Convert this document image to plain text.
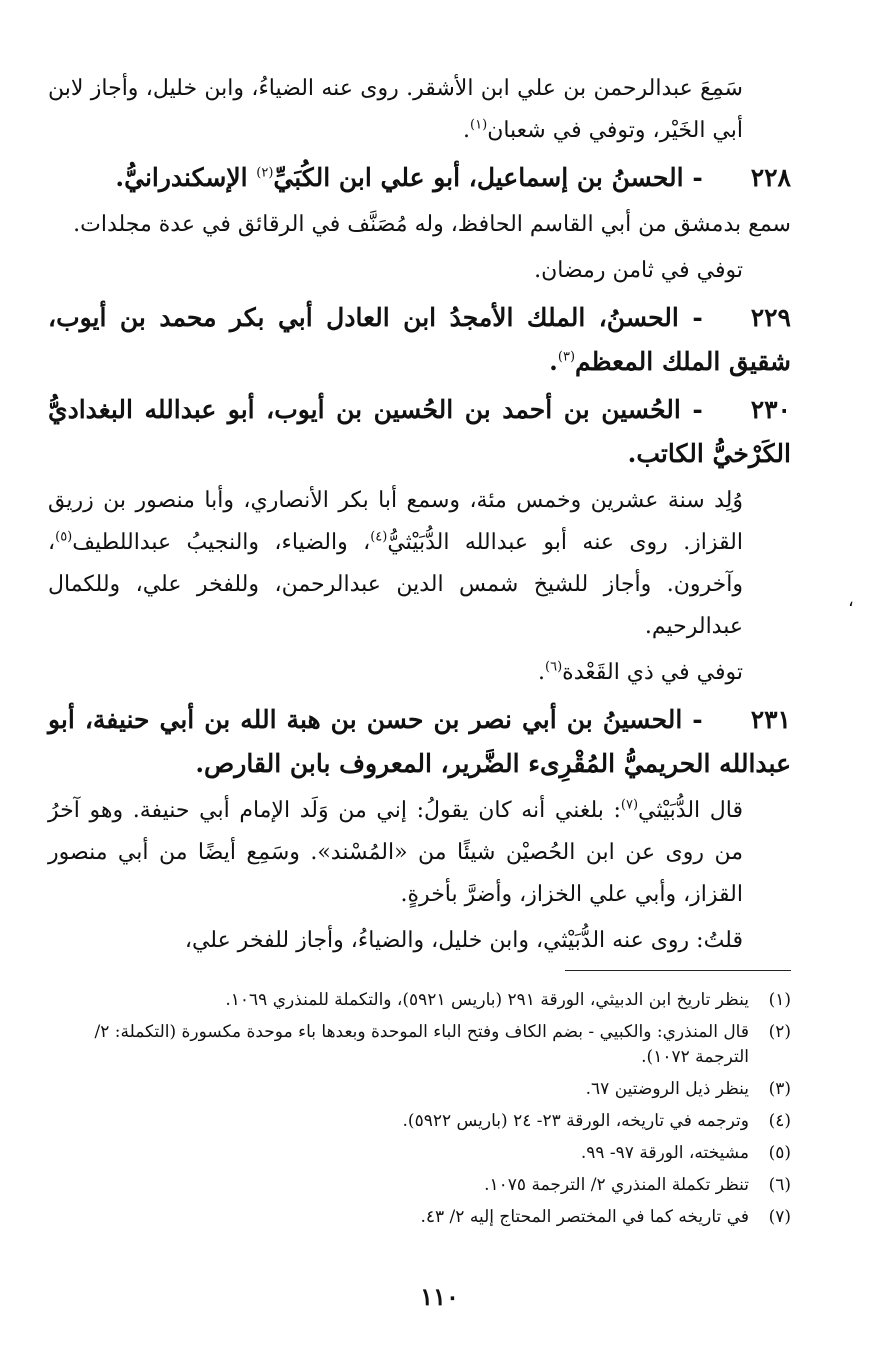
سَمِعَ عبدالرحمن بن علي ابن الأشقر. روى عنه الضياءُ، وابن خليل، وأجاز لابن أبي الخَيْر، وتوفي في شعبان$^{(١)}$.

٢٢٨- الحسنُ بن إسماعيل، أبو علي ابن الكُبَيِّ$^{(٢)}$ الإسكندرانيُّ.

سمع بدمشق من أبي القاسم الحافظ، وله مُصَنَّف في الرقائق في عدة مجلدات.

توفي في ثامن رمضان.

٢٢٩- الحسنُ، الملك الأمجدُ ابن العادل أبي بكر محمد بن أيوب، شقيق الملك المعظم$^{(٣)}$.
٢٣٠- الحُسين بن أحمد بن الحُسين بن أيوب، أبو عبدالله البغداديُّ الكَرْخيُّ الكاتب.

وُلِد سنة عشرين وخمس مئة، وسمع أبا بكر الأنصاري، وأبا منصور بن زريق القزاز. روى عنه أبو عبدالله الدُّبَيْثيُّ$^{(٤)}$، والضياء، والنجيبُ عبداللطيف$^{(٥)}$، وآخرون. وأجاز للشيخ شمس الدين عبدالرحمن، وللفخر علي، وللكمال عبدالرحيم.

توفي في ذي القَعْدة$^{(٦)}$.

٢٣١- الحسينُ بن أبي نصر بن حسن بن هبة الله بن أبي حنيفة، أبو عبدالله الحريميُّ المُقْرِىء الضَّرير، المعروف بابن القارص.

قال الدُّبَيْثي$^{(٧)}$: بلغني أنه كان يقولُ: إني من وَلَد الإمام أبي حنيفة. وهو آخرُ من روى عن ابن الحُصيْن شيئًا من «المُسْند». وسَمِع أيضًا من أبي منصور القزاز، وأبي علي الخزاز، وأضرَّ بأخرةٍ.

قلتُ: روى عنه الدُّبَيْثي، وابن خليل، والضياءُ، وأجاز للفخر علي،

،
(١)
ينظر تاريخ ابن الدبيثي، الورقة ٢٩١ (باريس ٥٩٢١)، والتكملة للمنذري ١٠٦٩.
(٢)
قال المنذري: والكبيي - بضم الكاف وفتح الباء الموحدة وبعدها باء موحدة مكسورة (التكملة: ٢/ الترجمة ١٠٧٢).
(٣)
ينظر ذيل الروضتين ٦٧.
(٤)
وترجمه في تاريخه، الورقة ٢٣- ٢٤ (باريس ٥٩٢٢).
(٥)
مشيخته، الورقة ٩٧- ٩٩.
(٦)
تنظر تكملة المنذري ٢/ الترجمة ١٠٧٥.
(٧)
في تاريخه كما في المختصر المحتاج إليه ٢/ ٤٣.
١١٠
